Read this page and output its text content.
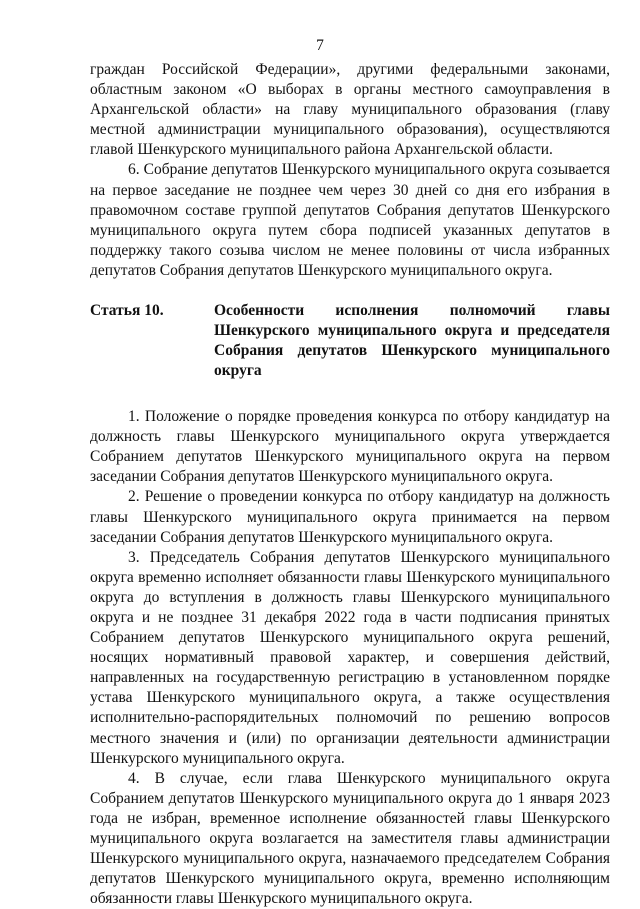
7

граждан Российской Федерации», другими федеральными законами, областным законом «О выборах в органы местного самоуправления в Архангельской области» на главу муниципального образования (главу местной администрации муниципального образования), осуществляются главой Шенкурского муниципального района Архангельской области.

6. Собрание депутатов Шенкурского муниципального округа созывается на первое заседание не позднее чем через 30 дней со дня его избрания в правомочном составе группой депутатов Собрания депутатов Шенкурского муниципального округа путем сбора подписей указанных депутатов в поддержку такого созыва числом не менее половины от числа избранных депутатов Собрания депутатов Шенкурского муниципального округа.

Статья 10.	Особенности исполнения полномочий главы Шенкурского муниципального округа и председателя Собрания депутатов Шенкурского муниципального округа

1. Положение о порядке проведения конкурса по отбору кандидатур на должность главы Шенкурского муниципального округа утверждается Собранием депутатов Шенкурского муниципального округа на первом заседании Собрания депутатов Шенкурского муниципального округа.

2. Решение о проведении конкурса по отбору кандидатур на должность главы Шенкурского муниципального округа принимается на первом заседании Собрания депутатов Шенкурского муниципального округа.

3. Председатель Собрания депутатов Шенкурского муниципального округа временно исполняет обязанности главы Шенкурского муниципального округа до вступления в должность главы Шенкурского муниципального округа и не позднее 31 декабря 2022 года в части подписания принятых Собранием депутатов Шенкурского муниципального округа решений, носящих нормативный правовой характер, и совершения действий, направленных на государственную регистрацию в установленном порядке устава Шенкурского муниципального округа, а также осуществления исполнительно-распорядительных полномочий по решению вопросов местного значения и (или) по организации деятельности администрации Шенкурского муниципального округа.

4. В случае, если глава Шенкурского муниципального округа Собранием депутатов Шенкурского муниципального округа до 1 января 2023 года не избран, временное исполнение обязанностей главы Шенкурского муниципального округа возлагается на заместителя главы администрации Шенкурского муниципального округа, назначаемого председателем Собрания депутатов Шенкурского муниципального округа, временно исполняющим обязанности главы Шенкурского муниципального округа.
